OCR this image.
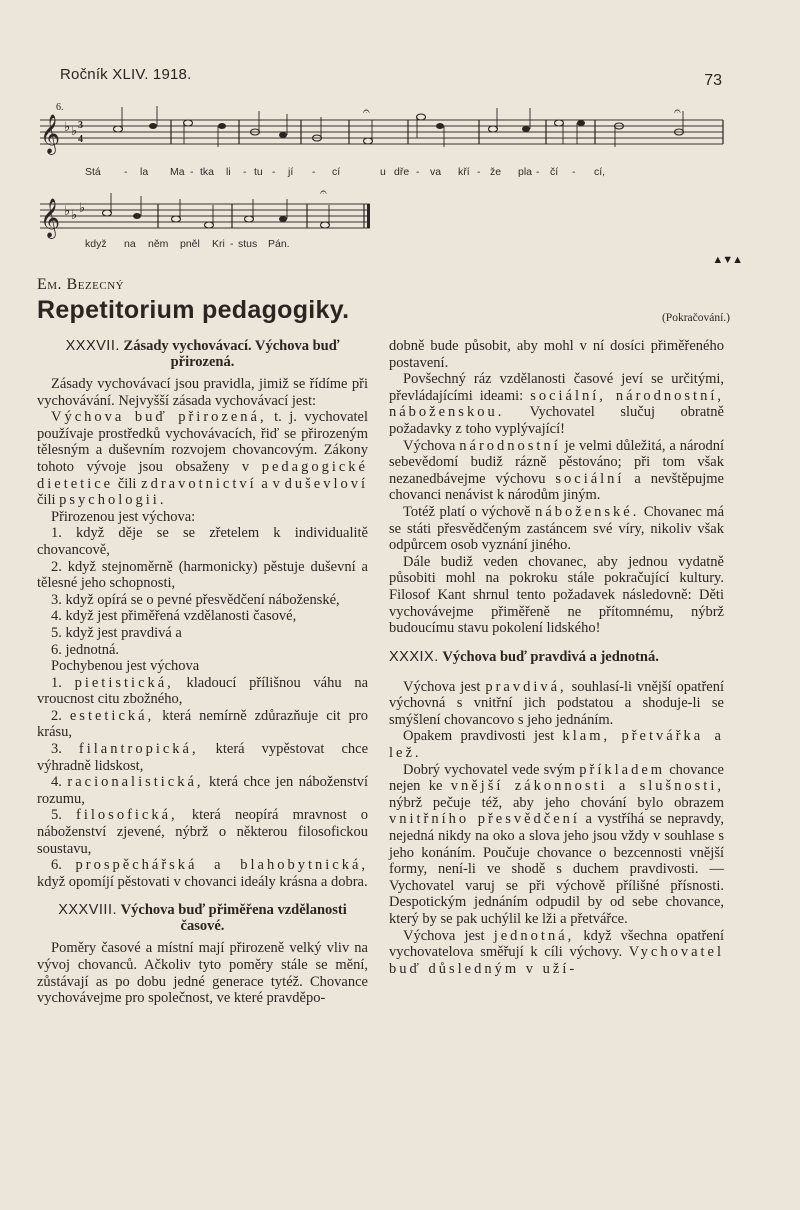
Ročník XLIV. 1918.	73
6.
𝄞 ♭ ♭ 3
4
𝄐	𝄐
Stá - la Ma - tka li - tu - jí - cí	u dře - va kří - že pla - čí - cí,
𝄞 ♭ ♭ ♭
𝄐
když na něm pněl Kri - stus Pán.
▲▼▲
Em. Bezecný
Repetitorium pedagogiky.	(Pokračování.)
XXXVII. Zásady vychovávací. Výchova buď přirozená.

Zásady vychovávací jsou pravidla, jimiž se řídíme při vychovávání. Nejvyšší zásada vychovávací jest:

Výchova buď přirozená, t. j. vychovatel používaje prostředků vychovávacích, řiď se přirozeným tělesným a duševním rozvojem chovancovým. Zákony tohoto vývoje jsou obsaženy v pedagogické dietetice čili zdravotnictví a v duševloví čili psychologii.

Přirozenou jest výchova:

1. když děje se se zřetelem k individualitě chovancově,

2. když stejnoměrně (harmonicky) pěstuje duševní a tělesné jeho schopnosti,

3. když opírá se o pevné přesvědčení náboženské,

4. když jest přiměřená vzdělanosti časové,

5. když jest pravdivá a

6. jednotná.

Pochybenou jest výchova

1. pietistická, kladoucí přílišnou váhu na vroucnost citu zbožného,

2. estetická, která nemírně zdůrazňuje cit pro krásu,

3. filantropická, která vypěstovat chce výhradně lidskost,

4. racionalistická, která chce jen náboženství rozumu,

5. filosofická, která neopírá mravnost o náboženství zjevené, nýbrž o některou filosofickou soustavu,

6. prospěchářská a blahobytnická, když opomíjí pěstovati v chovanci ideály krásna a dobra.

XXXVIII. Výchova buď přiměřena vzdělanosti časové.

Poměry časové a místní mají přirozeně velký vliv na vývoj chovanců. Ačkoliv tyto poměry stále se mění, zůstávají as po dobu jedné generace tytéž. Chovance vychovávejme pro společnost, ve které pravděpo-

dobně bude působit, aby mohl v ní dosíci přiměřeného postavení.

Povšechný ráz vzdělanosti časové jeví se určitými, převládajícími ideami: sociální, národnostní, náboženskou. Vychovatel slučuj obratně požadavky z toho vyplývající!

Výchova národnostní je velmi důležitá, a národní sebevědomí budiž rázně pěstováno; při tom však nezanedbávejme výchovu sociální a nevštěpujme chovanci nenávist k národům jiným.

Totéž platí o výchově náboženské. Chovanec má se státi přesvědčeným zastáncem své víry, nikoliv však odpůrcem osob vyznání jiného.

Dále budiž veden chovanec, aby jednou vydatně působiti mohl na pokroku stále pokračující kultury. Filosof Kant shrnul tento požadavek následovně: Děti vychovávejme přiměřeně ne přítomnému, nýbrž budoucímu stavu pokolení lidského!

XXXIX. Výchova buď pravdivá a jednotná.

Výchova jest pravdivá, souhlasí-li vnější opatření výchovná s vnitřní jich podstatou a shoduje-li se smýšlení chovancovo s jeho jednáním.

Opakem pravdivosti jest klam, přetvářka a lež.

Dobrý vychovatel vede svým příkladem chovance nejen ke vnější zákonnosti a slušnosti, nýbrž pečuje též, aby jeho chování bylo obrazem vnitřního přesvědčení a vystříhá se nepravdy, nejedná nikdy na oko a slova jeho jsou vždy v souhlase s jeho konáním. Poučuje chovance o bezcennosti vnější formy, není-li ve shodě s duchem pravdivosti. — Vychovatel varuj se při výchově přílišné přísnosti. Despotickým jednáním odpudil by od sebe chovance, který by se pak uchýlil ke lži a přetvářce.

Výchova jest jednotná, když všechna opatření vychovatelova směřují k cíli výchovy. Vychovatel buď důsledným v uží-
